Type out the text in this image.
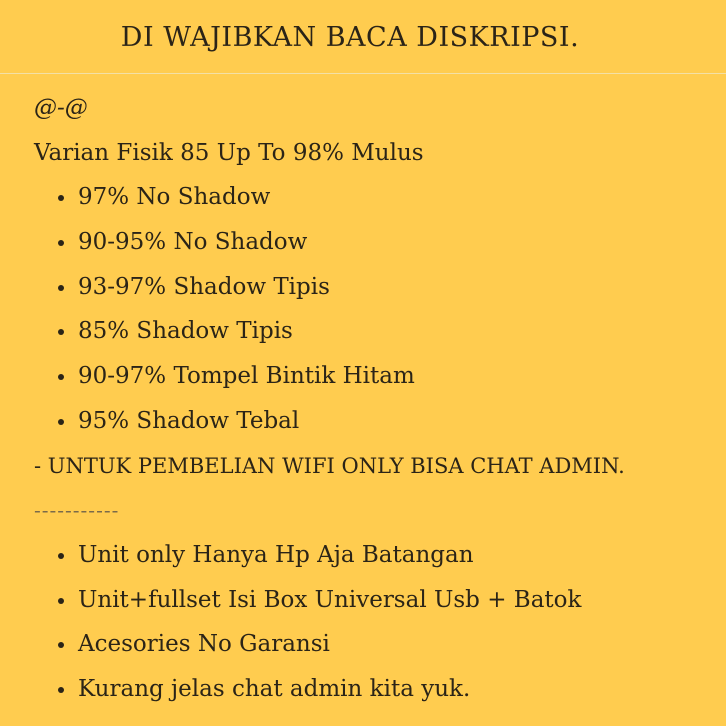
DI WAJIBKAN BACA DISKRIPSI.

@-@

Varian Fisik 85 Up To 98% Mulus

97% No Shadow
90-95% No Shadow
93-97% Shadow Tipis
85% Shadow Tipis
90-97% Tompel Bintik Hitam
95% Shadow Tebal

- UNTUK PEMBELIAN WIFI ONLY BISA CHAT ADMIN.

-----------

Unit only Hanya Hp Aja Batangan
Unit+fullset Isi Box Universal Usb + Batok
Acesories No Garansi
Kurang jelas chat admin kita yuk.
